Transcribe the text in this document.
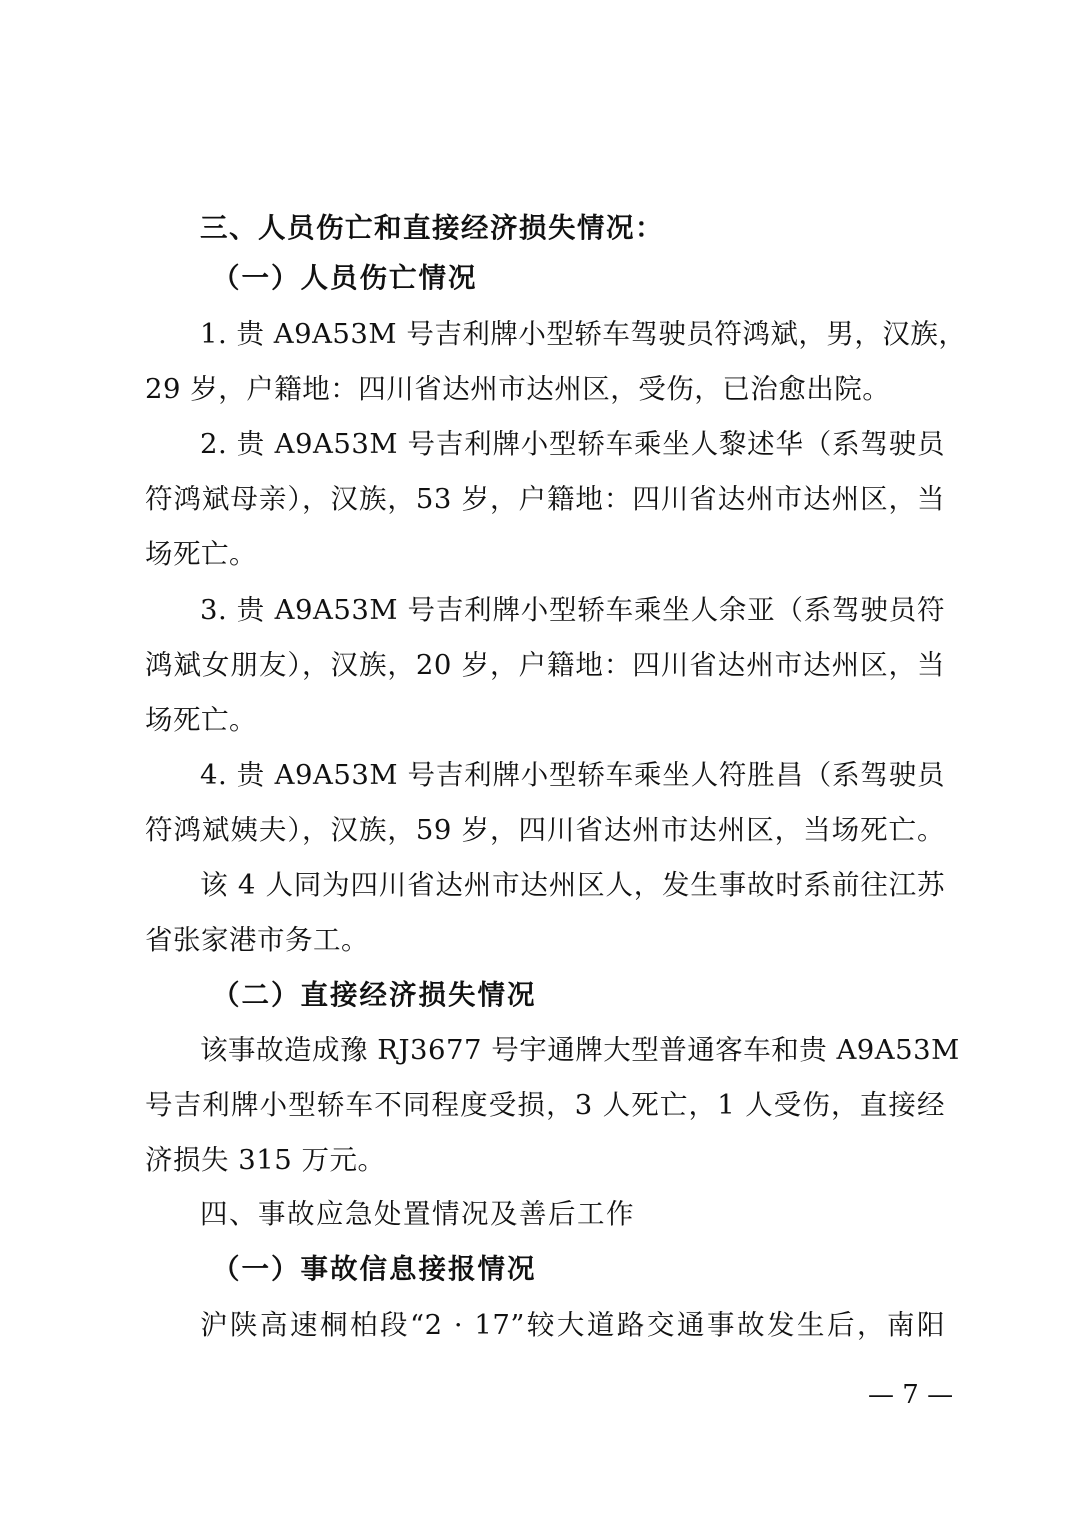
三、人员伤亡和直接经济损失情况：
（一）人员伤亡情况
1. 贵 A9A53M 号吉利牌小型轿车驾驶员符鸿斌，男，汉族，
29 岁，户籍地：四川省达州市达州区，受伤，已治愈出院。
2. 贵 A9A53M 号吉利牌小型轿车乘坐人黎述华（系驾驶员
符鸿斌母亲），汉族，53 岁，户籍地：四川省达州市达州区，当
场死亡。
3. 贵 A9A53M 号吉利牌小型轿车乘坐人余亚（系驾驶员符
鸿斌女朋友），汉族，20 岁，户籍地：四川省达州市达州区，当
场死亡。
4. 贵 A9A53M 号吉利牌小型轿车乘坐人符胜昌（系驾驶员
符鸿斌姨夫），汉族，59 岁，四川省达州市达州区，当场死亡。
该 4 人同为四川省达州市达州区人，发生事故时系前往江苏
省张家港市务工。
（二）直接经济损失情况
该事故造成豫 RJ3677 号宇通牌大型普通客车和贵 A9A53M
号吉利牌小型轿车不同程度受损，3 人死亡，1 人受伤，直接经
济损失 315 万元。
四、事故应急处置情况及善后工作
（一）事故信息接报情况
沪陕高速桐柏段“2 · 17”较大道路交通事故发生后，南阳
— 7 —
